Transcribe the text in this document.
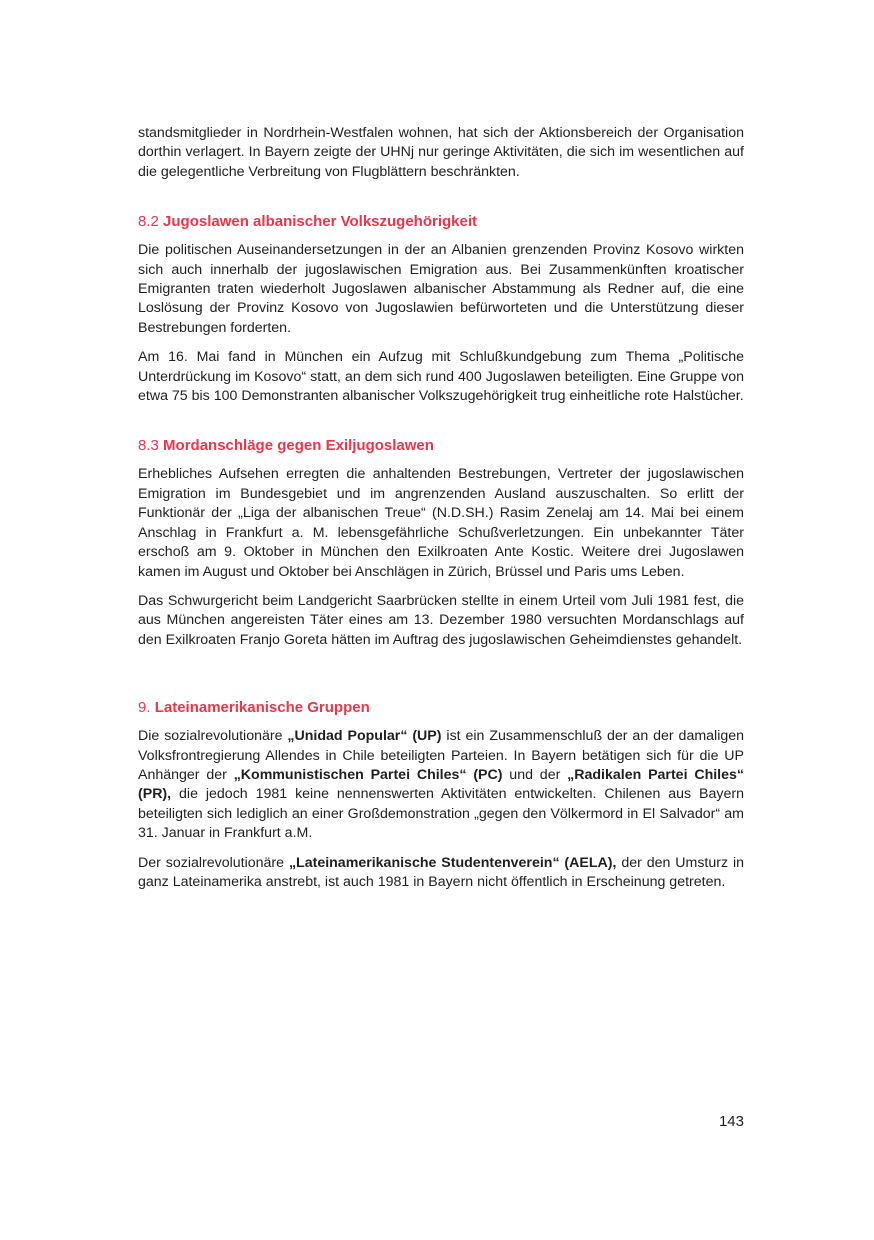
standsmitglieder in Nordrhein-Westfalen wohnen, hat sich der Aktionsbereich der Organisation dorthin verlagert. In Bayern zeigte der UHNj nur geringe Aktivitäten, die sich im wesentlichen auf die gelegentliche Verbreitung von Flugblättern beschränkten.

8.2 Jugoslawen albanischer Volkszugehörigkeit

Die politischen Auseinandersetzungen in der an Albanien grenzenden Provinz Kosovo wirkten sich auch innerhalb der jugoslawischen Emigration aus. Bei Zusammenkünften kroatischer Emigranten traten wiederholt Jugoslawen albanischer Abstammung als Redner auf, die eine Loslösung der Provinz Kosovo von Jugoslawien befürworteten und die Unterstützung dieser Bestrebungen forderten.

Am 16. Mai fand in München ein Aufzug mit Schlußkundgebung zum Thema „Politische Unterdrückung im Kosovo“ statt, an dem sich rund 400 Jugoslawen beteiligten. Eine Gruppe von etwa 75 bis 100 Demonstranten albanischer Volkszugehörigkeit trug einheitliche rote Halstücher.

8.3 Mordanschläge gegen Exiljugoslawen

Erhebliches Aufsehen erregten die anhaltenden Bestrebungen, Vertreter der jugoslawischen Emigration im Bundesgebiet und im angrenzenden Ausland auszuschalten. So erlitt der Funktionär der „Liga der albanischen Treue“ (N.D.SH.) Rasim Zenelaj am 14. Mai bei einem Anschlag in Frankfurt a. M. lebensgefährliche Schußverletzungen. Ein unbekannter Täter erschoß am 9. Oktober in München den Exilkroaten Ante Kostic. Weitere drei Jugoslawen kamen im August und Oktober bei Anschlägen in Zürich, Brüssel und Paris ums Leben.

Das Schwurgericht beim Landgericht Saarbrücken stellte in einem Urteil vom Juli 1981 fest, die aus München angereisten Täter eines am 13. Dezember 1980 versuchten Mordanschlags auf den Exilkroaten Franjo Goreta hätten im Auftrag des jugoslawischen Geheimdienstes gehandelt.

9. Lateinamerikanische Gruppen

Die sozialrevolutionäre „Unidad Popular“ (UP) ist ein Zusammenschluß der an der damaligen Volksfrontregierung Allendes in Chile beteiligten Parteien. In Bayern betätigen sich für die UP Anhänger der „Kommunistischen Partei Chiles“ (PC) und der „Radikalen Partei Chiles“ (PR), die jedoch 1981 keine nennenswerten Aktivitäten entwickelten. Chilenen aus Bayern beteiligten sich lediglich an einer Großdemonstration „gegen den Völkermord in El Salvador“ am 31. Januar in Frankfurt a.M.

Der sozialrevolutionäre „Lateinamerikanische Studentenverein“ (AELA), der den Umsturz in ganz Lateinamerika anstrebt, ist auch 1981 in Bayern nicht öffentlich in Erscheinung getreten.

143
